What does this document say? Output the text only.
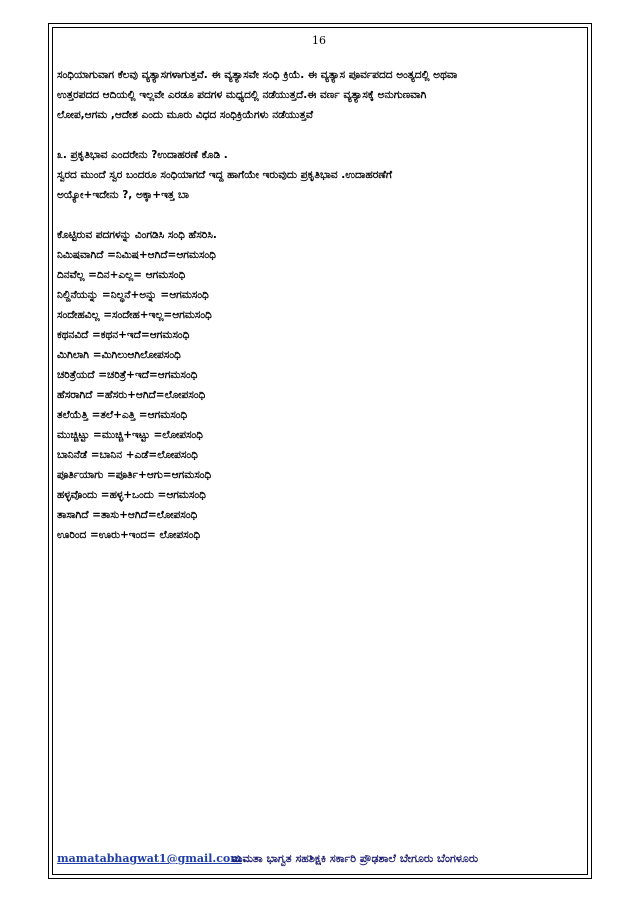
16
ಸಂಧಿಯಾಗುವಾಗ ಕೆಲವು ವ್ಯತ್ಯಾಸಗಳಾಗುತ್ತವೆ. ಈ ವ್ಯತ್ಯಾಸವೇ ಸಂಧಿ ಕ್ರಿಯೆ. ಈ ವ್ಯತ್ಯಾಸ ಪೂರ್ವಪದದ ಅಂತ್ಯದಲ್ಲಿ ಅಥವಾ
ಉತ್ತರಪದದ ಆದಿಯಲ್ಲಿ ಇಲ್ಲವೇ ಎರಡೂ ಪದಗಳ ಮಧ್ಯದಲ್ಲಿ ನಡೆಯುತ್ತದೆ.ಈ ವರ್ಣ ವ್ಯತ್ಯಾಸಕ್ಕೆ ಅನುಗುಣವಾಗಿ
ಲೋಪ,ಆಗಮ ,ಆದೇಶ ಎಂದು ಮೂರು ವಿಧದ ಸಂಧಿಕ್ರಿಯೆಗಳು ನಡೆಯುತ್ತವೆ
೩. ಪ್ರಕೃತಿಭಾವ ಎಂದರೇನು ?ಉದಾಹರಣೆ ಕೊಡಿ .
ಸ್ವರದ ಮುಂದೆ ಸ್ವರ ಬಂದರೂ ಸಂಧಿಯಾಗದೆ ಇದ್ದ ಹಾಗೆಯೇ ಇರುವುದು ಪ್ರಕೃತಿಭಾವ .ಉದಾಹರಣೆಗೆ
ಅಯ್ಯೋ+ಇದೇನು ?, ಅಕ್ಕಾ+ಇತ್ತ ಬಾ
ಕೊಟ್ಟಿರುವ ಪದಗಳನ್ನು ವಿಂಗಡಿಸಿ ಸಂಧಿ ಹೆಸರಿಸಿ.
ನಿಮಿಷವಾಗಿದೆ =ನಿಮಿಷ+ಆಗಿದೆ=ಆಗಮಸಂಧಿ
ದಿನವೆಲ್ಲ =ದಿನ+ಎಲ್ಲ= ಆಗಮಸಂಧಿ
ನಿಲ್ದಿನೆಯನ್ನು =ನಿಲ್ಧನೆ+ಅನ್ನು =ಆಗಮಸಂಧಿ
ಸಂದೇಹವಿಲ್ಲ =ಸಂದೇಹ+ಇಲ್ಲ=ಆಗಮಸಂಧಿ
ಕಥನವಿದೆ =ಕಥನ+ಇದೆ=ಆಗಮಸಂಧಿ
ಮಿಗಿಲಾಗಿ =ಮಿಗಿಲುಆಗಿಲೋಪಸಂಧಿ
ಚರಿತ್ರೆಯದೆ =ಚರಿತ್ರೆ+ಇದೆ=ಆಗಮಸಂಧಿ
ಹೆಸರಾಗಿದೆ =ಹೆಸರು+ಆಗಿದೆ=ಲೋಪಸಂಧಿ
ತಲೆಯೆತ್ತಿ =ತಲೆ+ಎತ್ತಿ =ಆಗಮಸಂಧಿ
ಮುಚ್ಚಿಟ್ಟು =ಮುಚ್ಚಿ+ಇಟ್ಟು =ಲೋಪಸಂಧಿ
ಬಾನಿನೆಡೆ =ಬಾನಿನ +ಎಡೆ=ಲೋಪಸಂಧಿ
ಪೂರ್ತಿಯಾಗು =ಪೂರ್ತಿ+ಆಗು=ಆಗಮಸಂಧಿ
ಹಳ್ಳವೊಂದು =ಹಳ್ಳ+ಒಂದು =ಆಗಮಸಂಧಿ
ತಾಸಾಗಿದೆ =ತಾಸು+ಆಗಿದೆ=ಲೋಪಸಂಧಿ
ಊರಿಂದ =ಊರು+ಇಂದ= ಲೋಪಸಂಧಿ
mamatabhagwat1@gmail.com
ಮಮತಾ ಭಾಗ್ವತ ಸಹಶಿಕ್ಷಕಿ ಸರ್ಕಾರಿ ಪ್ರೌಢಶಾಲೆ ಬೇಗೂರು ಬೆಂಗಳೂರು
